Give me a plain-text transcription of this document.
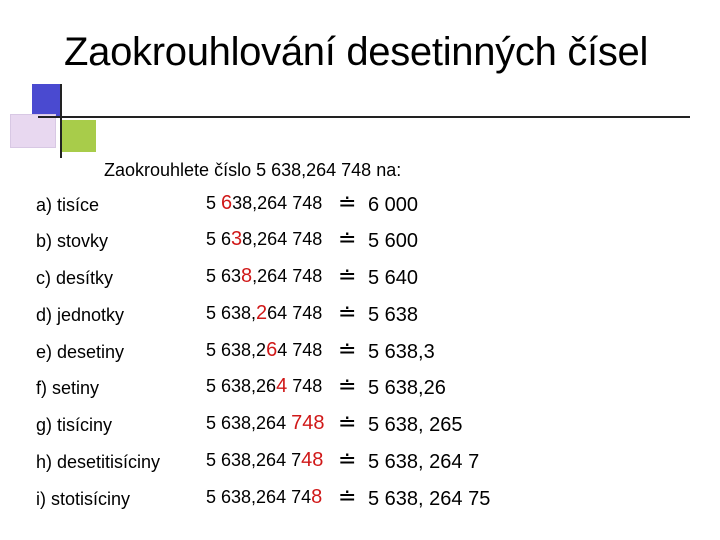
Zaokrouhlování desetinných čísel
Zaokrouhlete číslo 5 638,264 748 na:
a) tisíce	5 638,264 748 ≐ 6 000
b) stovky	5 638,264 748 ≐ 5 600
c) desítky	5 638,264 748 ≐ 5 640
d) jednotky	5 638,264 748 ≐ 5 638
e) desetiny	5 638,264 748 ≐ 5 638,3
f) setiny	5 638,264 748 ≐ 5 638,26
g) tisíciny	5 638,264 748 ≐ 5 638, 265
h) desetitisíciny	5 638,264 748 ≐ 5 638, 264 7
i) stotisíciny	5 638,264 748 ≐ 5 638, 264 75
